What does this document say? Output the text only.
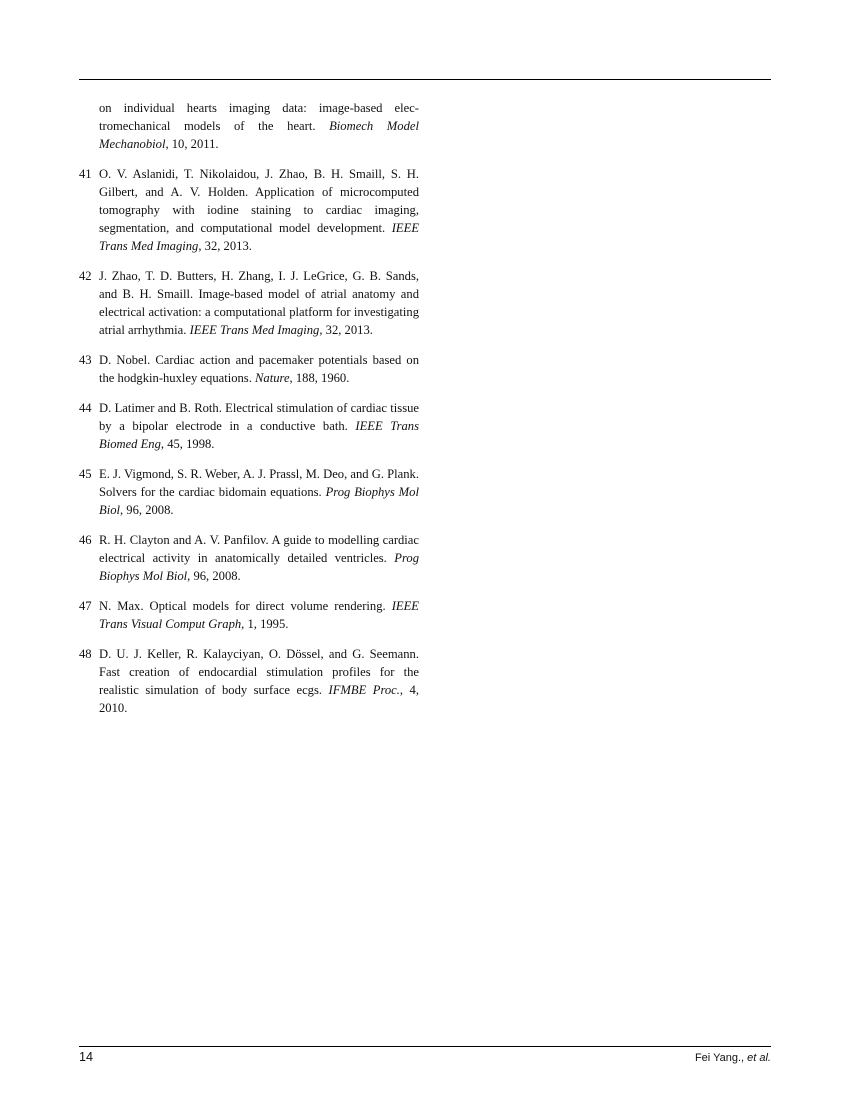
on individual hearts imaging data: image-based electromechanical models of the heart. Biomech Model Mechanobiol, 10, 2011.
41 O. V. Aslanidi, T. Nikolaidou, J. Zhao, B. H. Smaill, S. H. Gilbert, and A. V. Holden. Application of microcomputed tomography with iodine staining to cardiac imaging, segmentation, and computational model development. IEEE Trans Med Imaging, 32, 2013.
42 J. Zhao, T. D. Butters, H. Zhang, I. J. LeGrice, G. B. Sands, and B. H. Smaill. Image-based model of atrial anatomy and electrical activation: a computational platform for investigating atrial arrhythmia. IEEE Trans Med Imaging, 32, 2013.
43 D. Nobel. Cardiac action and pacemaker potentials based on the hodgkin-huxley equations. Nature, 188, 1960.
44 D. Latimer and B. Roth. Electrical stimulation of cardiac tissue by a bipolar electrode in a conductive bath. IEEE Trans Biomed Eng, 45, 1998.
45 E. J. Vigmond, S. R. Weber, A. J. Prassl, M. Deo, and G. Plank. Solvers for the cardiac bidomain equations. Prog Biophys Mol Biol, 96, 2008.
46 R. H. Clayton and A. V. Panfilov. A guide to modelling cardiac electrical activity in anatomically detailed ventricles. Prog Biophys Mol Biol, 96, 2008.
47 N. Max. Optical models for direct volume rendering. IEEE Trans Visual Comput Graph, 1, 1995.
48 D. U. J. Keller, R. Kalayciyan, O. Dössel, and G. Seemann. Fast creation of endocardial stimulation profiles for the realistic simulation of body surface ecgs. IFMBE Proc., 4, 2010.
14	Fei Yang., et al.
